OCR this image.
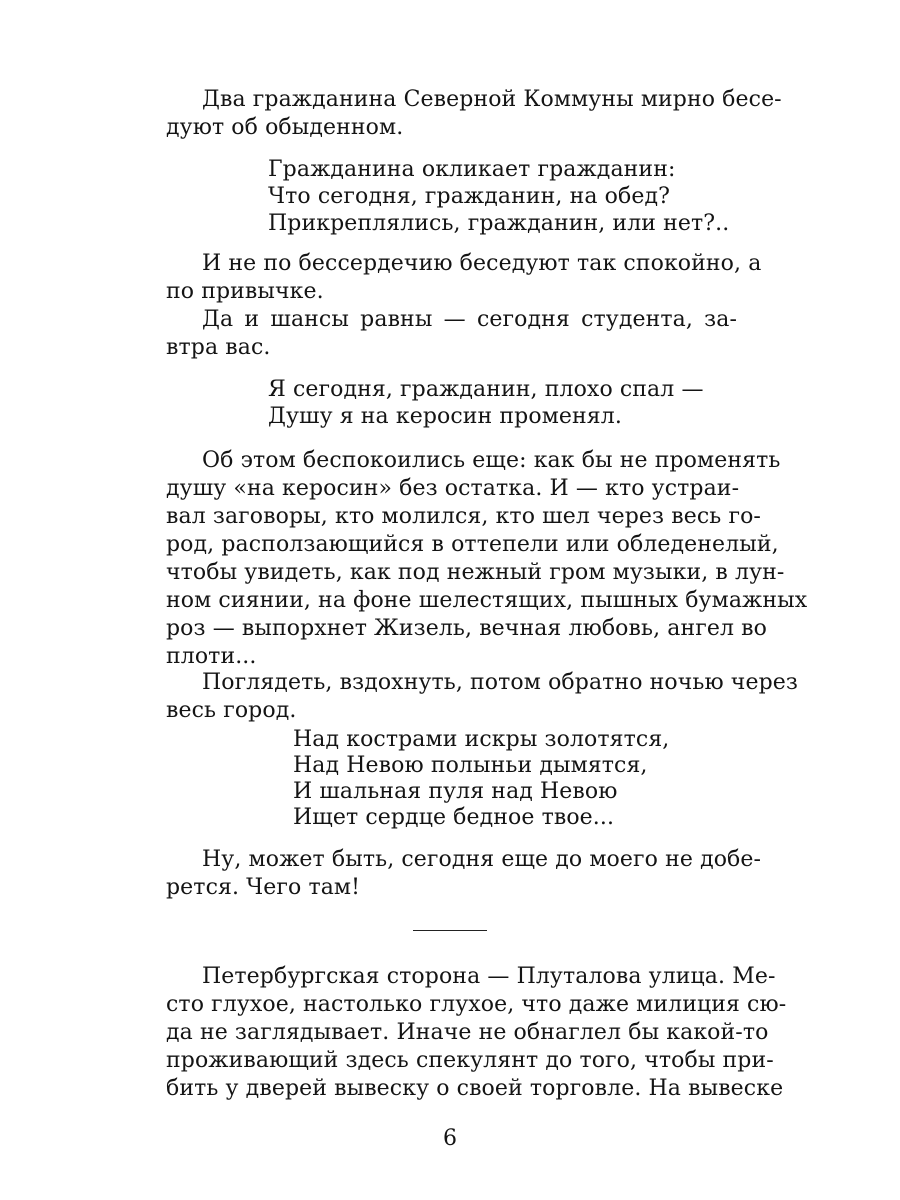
Два гражданина Северной Коммуны мирно бесе-
дуют об обыденном.
Гражданина окликает гражданин:
Что сегодня, гражданин, на обед?
Прикреплялись, гражданин, или нет?..
И не по бессердечию беседуют так спокойно, а
по привычке.
Да и шансы равны — сегодня студента, за-
втра вас.
Я сегодня, гражданин, плохо спал —
Душу я на керосин променял.
Об этом беспокоились еще: как бы не променять
душу «на керосин» без остатка. И — кто устраи-
вал заговоры, кто молился, кто шел через весь го-
род, расползающийся в оттепели или обледенелый,
чтобы увидеть, как под нежный гром музыки, в лун-
ном сиянии, на фоне шелестящих, пышных бумажных
роз — выпорхнет Жизель, вечная любовь, ангел во
плоти...
Поглядеть, вздохнуть, потом обратно ночью через
весь город.
Над кострами искры золотятся,
Над Невою полыньи дымятся,
И шальная пуля над Невою
Ищет сердце бедное твое...
Ну, может быть, сегодня еще до моего не добе-
рется. Чего там!
Петербургская сторона — Плуталова улица. Ме-
сто глухое, настолько глухое, что даже милиция сю-
да не заглядывает. Иначе не обнаглел бы какой-то
проживающий здесь спекулянт до того, чтобы при-
бить у дверей вывеску о своей торговле. На вывеске
6
